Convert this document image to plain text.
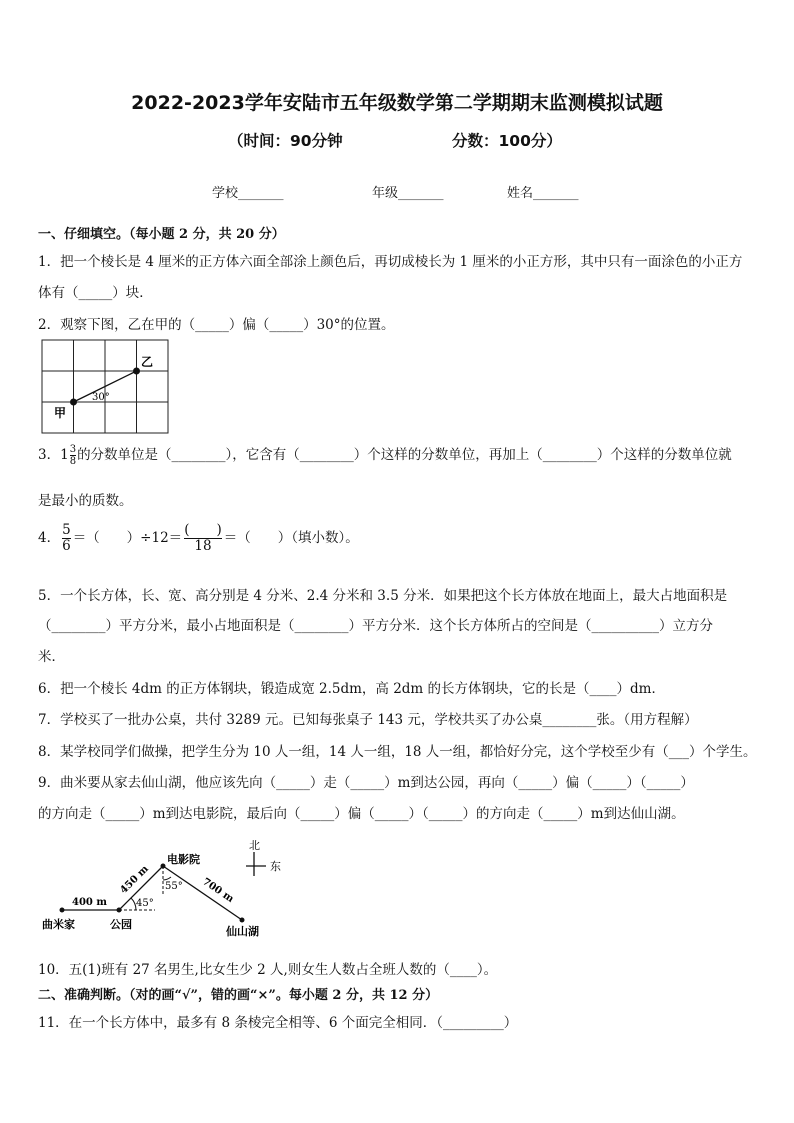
2022-2023学年安陆市五年级数学第二学期期末监测模拟试题
（时间：90分钟	分数：100分）
学校_______	年级_______	姓名_______
一、仔细填空。（每小题 2 分，共 20 分）
1．把一个棱长是 4 厘米的正方体六面全部涂上颜色后，再切成棱长为 1 厘米的小正方形，其中只有一面涂色的小正方
体有（_____）块．
2．观察下图，乙在甲的（_____）偏（_____）30°的位置。
甲
乙
30°
3．$1 \frac{3}{8}$ 的分数单位是（________），它含有（________）个这样的分数单位，再加上（________）个这样的分数单位就
是最小的质数。
4． $\frac{5}{6}$ ＝（　　）$\div 12= \frac{( )}{18}$ ＝（　　）（填小数）。
5．一个长方体，长、宽、高分别是 4 分米、2.4 分米和 3.5 分米．如果把这个长方体放在地面上，最大占地面积是
（________）平方分米，最小占地面积是（________）平方分米．这个长方体所占的空间是（__________）立方分
米．
6．把一个棱长 4dm 的正方体钢块，锻造成宽 2.5dm，高 2dm 的长方体钢块，它的长是（____）dm．
7．学校买了一批办公桌，共付 3289 元。已知每张桌子 143 元，学校共买了办公桌________张。（用方程解）
8．某学校同学们做操，把学生分为 10 人一组，14 人一组，18 人一组，都恰好分完，这个学校至少有（___）个学生。
9．曲米要从家去仙山湖，他应该先向（_____）走（_____）m到达公园，再向（_____）偏（_____）（_____）
的方向走（_____）m到达电影院，最后向（_____）偏（_____）（_____）的方向走（_____）m到达仙山湖。
400 m
450 m	700 m
45°
55°
曲米家	公园
电影院
仙山湖
北
东
10．五(1)班有 27 名男生,比女生少 2 人,则女生人数占全班人数的（____）。
二、准确判断。（对的画“√”，错的画“×”。每小题 2 分，共 12 分）
11．在一个长方体中，最多有 8 条棱完全相等、6 个面完全相同．（_________）
